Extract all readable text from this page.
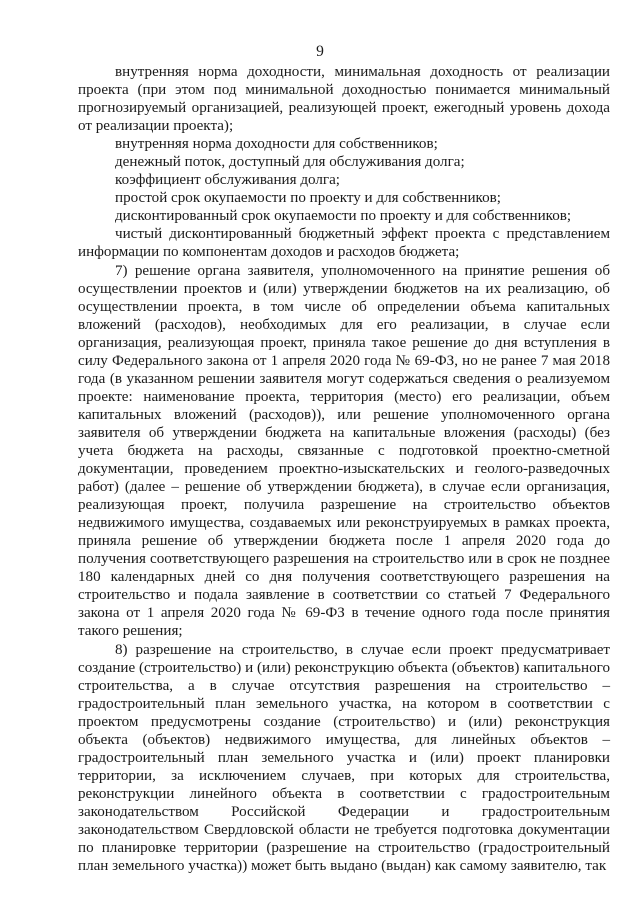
9

внутренняя норма доходности, минимальная доходность от реализации проекта (при этом под минимальной доходностью понимается минимальный прогнозируемый организацией, реализующей проект, ежегодный уровень дохода от реализации проекта);

внутренняя норма доходности для собственников;

денежный поток, доступный для обслуживания долга;

коэффициент обслуживания долга;

простой срок окупаемости по проекту и для собственников;

дисконтированный срок окупаемости по проекту и для собственников;

чистый дисконтированный бюджетный эффект проекта с представлением информации по компонентам доходов и расходов бюджета;

7) решение органа заявителя, уполномоченного на принятие решения об осуществлении проектов и (или) утверждении бюджетов на их реализацию, об осуществлении проекта, в том числе об определении объема капитальных вложений (расходов), необходимых для его реализации, в случае если организация, реализующая проект, приняла такое решение до дня вступления в силу Федерального закона от 1 апреля 2020 года № 69-ФЗ, но не ранее 7 мая 2018 года (в указанном решении заявителя могут содержаться сведения о реализуемом проекте: наименование проекта, территория (место) его реализации, объем капитальных вложений (расходов)), или решение уполномоченного органа заявителя об утверждении бюджета на капитальные вложения (расходы) (без учета бюджета на расходы, связанные с подготовкой проектно-сметной документации, проведением проектно-изыскательских и геолого-разведочных работ) (далее – решение об утверждении бюджета), в случае если организация, реализующая проект, получила разрешение на строительство объектов недвижимого имущества, создаваемых или реконструируемых в рамках проекта, приняла решение об утверждении бюджета после 1 апреля 2020 года до получения соответствующего разрешения на строительство или в срок не позднее 180 календарных дней со дня получения соответствующего разрешения на строительство и подала заявление в соответствии со статьей 7 Федерального закона от 1 апреля 2020 года № 69-ФЗ в течение одного года после принятия такого решения;

8) разрешение на строительство, в случае если проект предусматривает создание (строительство) и (или) реконструкцию объекта (объектов) капитального строительства, а в случае отсутствия разрешения на строительство – градостроительный план земельного участка, на котором в соответствии с проектом предусмотрены создание (строительство) и (или) реконструкция объекта (объектов) недвижимого имущества, для линейных объектов – градостроительный план земельного участка и (или) проект планировки территории, за исключением случаев, при которых для строительства, реконструкции линейного объекта в соответствии с градостроительным законодательством Российской Федерации и градостроительным законодательством Свердловской области не требуется подготовка документации по планировке территории (разрешение на строительство (градостроительный план земельного участка)) может быть выдано (выдан) как самому заявителю, так
